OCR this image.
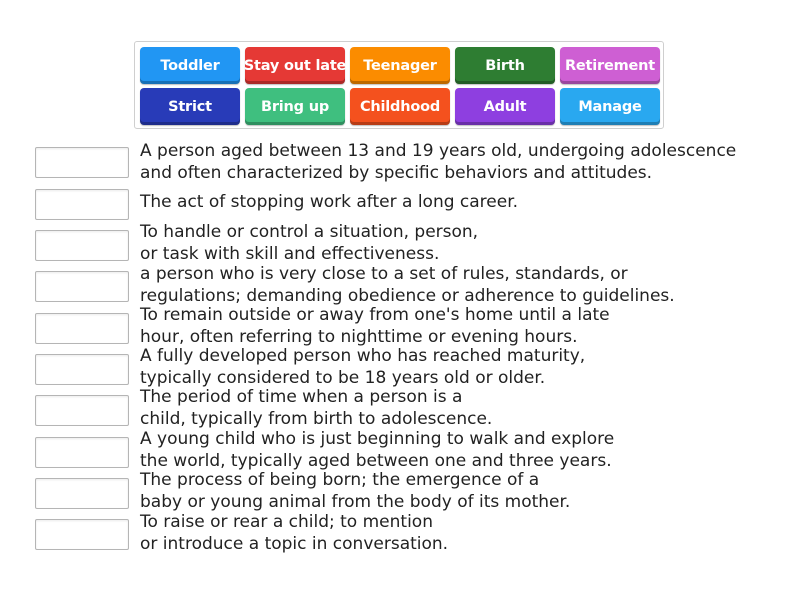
Toddler	Stay out late	Teenager	Birth	Retirement
Strict	Bring up	Childhood	Adult	Manage
A person aged between 13 and 19 years old, undergoing adolescence
and often characterized by specific behaviors and attitudes.
The act of stopping work after a long career.
To handle or control a situation, person,
or task with skill and effectiveness.
a person who is very close to a set of rules, standards, or
regulations; demanding obedience or adherence to guidelines.
To remain outside or away from one's home until a late
hour, often referring to nighttime or evening hours.
A fully developed person who has reached maturity,
typically considered to be 18 years old or older.
The period of time when a person is a
child, typically from birth to adolescence.
A young child who is just beginning to walk and explore
the world, typically aged between one and three years.
The process of being born; the emergence of a
baby or young animal from the body of its mother.
To raise or rear a child; to mention
or introduce a topic in conversation.
